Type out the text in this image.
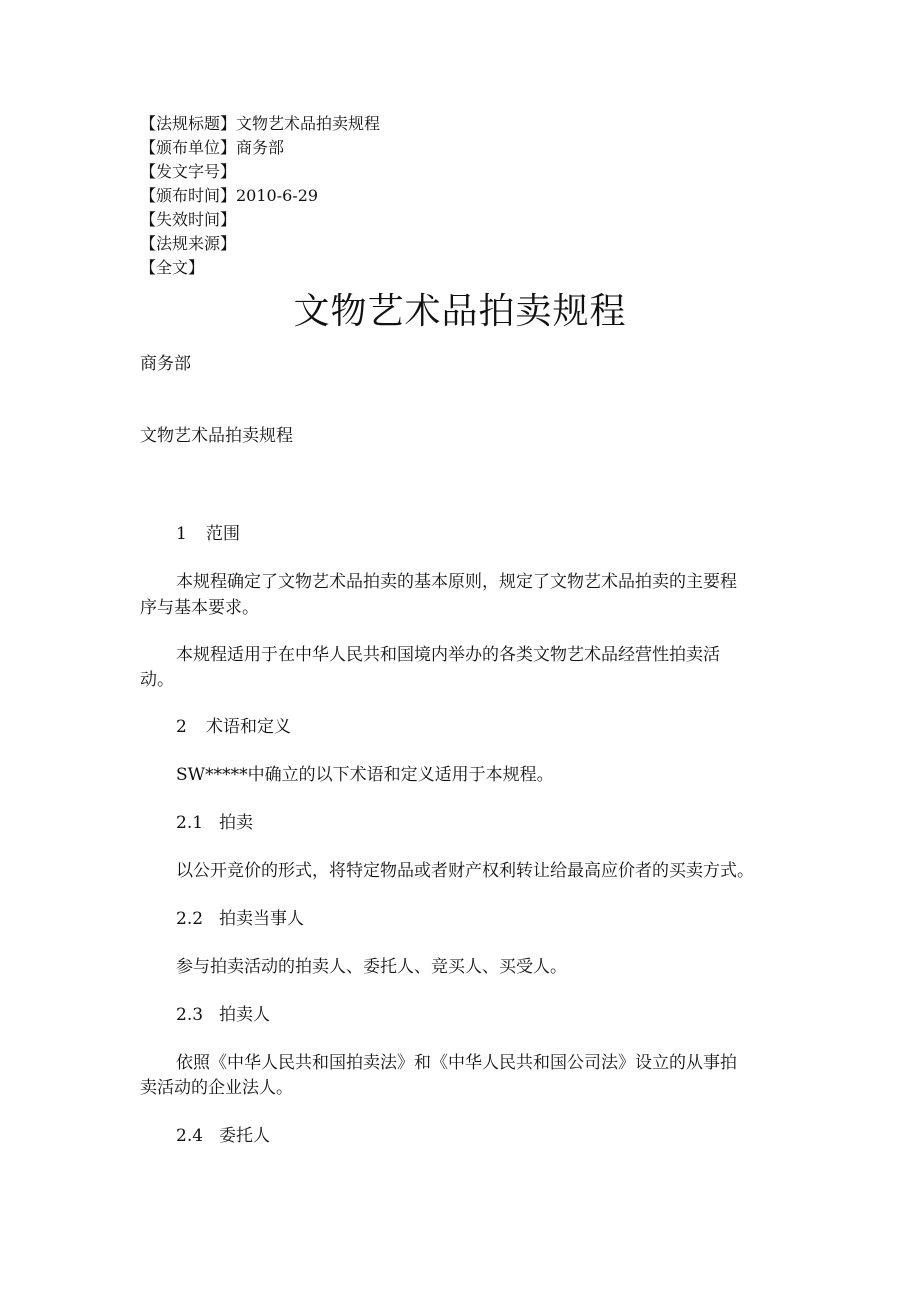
【法规标题】文物艺术品拍卖规程
【颁布单位】商务部
【发文字号】
【颁布时间】2010-6-29
【失效时间】
【法规来源】
【全文】
文物艺术品拍卖规程
商务部
文物艺术品拍卖规程
1 范围
本规程确定了文物艺术品拍卖的基本原则，规定了文物艺术品拍卖的主要程
序与基本要求。
本规程适用于在中华人民共和国境内举办的各类文物艺术品经营性拍卖活
动。
2 术语和定义
SW*****中确立的以下术语和定义适用于本规程。
2.1 拍卖
以公开竞价的形式，将特定物品或者财产权利转让给最高应价者的买卖方式。
2.2 拍卖当事人
参与拍卖活动的拍卖人、委托人、竞买人、买受人。
2.3 拍卖人
依照《中华人民共和国拍卖法》和《中华人民共和国公司法》设立的从事拍
卖活动的企业法人。
2.4 委托人
